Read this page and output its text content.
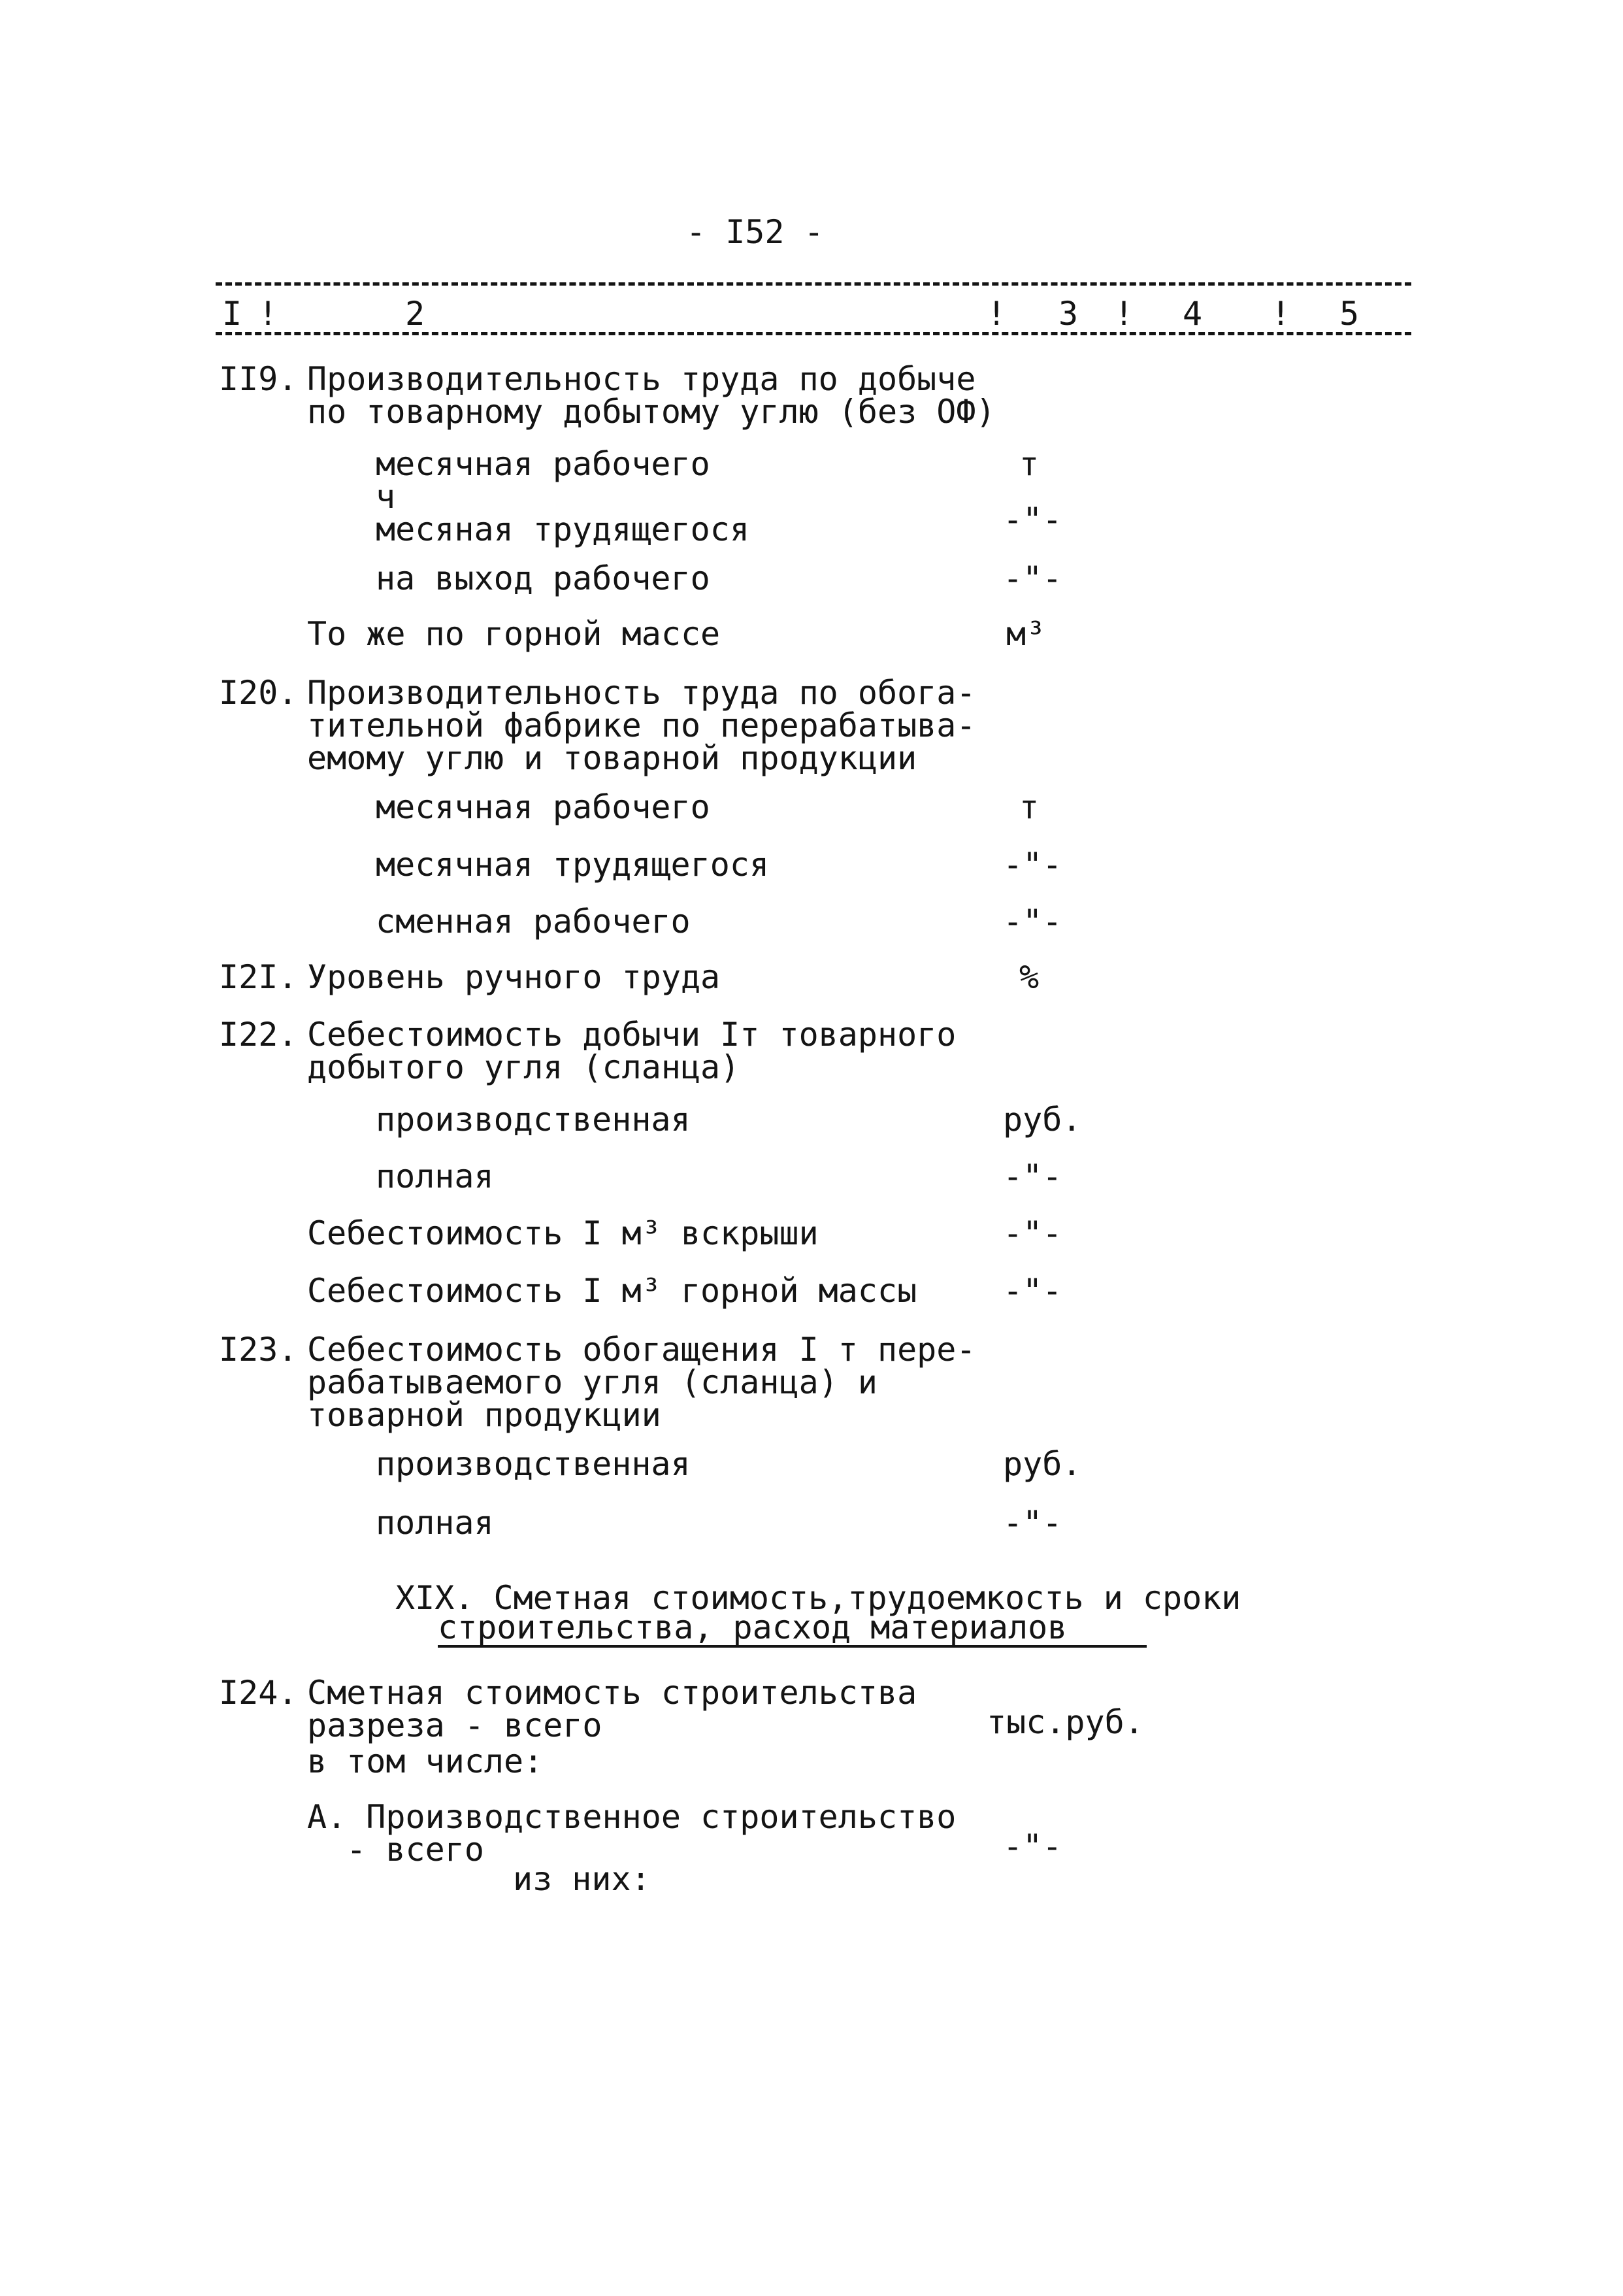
- I52 -
I !	2	! 3 ! 4 ! 5
II9. Производительность труда по добыче
по товарному добытому углю (без ОФ)
месячная рабочего	т
ч
месяная трудящегося	-"-
на выход рабочего	-"-
То же по горной массе	м³
I20. Производительность труда по обога-
тительной фабрике по перерабатыва-
емому углю и товарной продукции
месячная рабочего	т
месячная трудящегося	-"-
сменная рабочего	-"-
I2I. Уровень ручного труда	%
I22. Себестоимость добычи Iт товарного
добытого угля (сланца)
производственная	руб.
полная	-"-
Себестоимость I м³ вскрыши	-"-
Себестоимость I м³ горной массы	-"-
I23. Себестоимость обогащения I т пере-
рабатываемого угля (сланца) и
товарной продукции
производственная	руб.
полная	-"-
XIX. Сметная стоимость,трудоемкость и сроки
строительства, расход материалов
I24. Сметная стоимость строительства
разреза - всего	тыс.руб.
в том числе:
А. Производственное строительство
- всего	-"-
из них:
